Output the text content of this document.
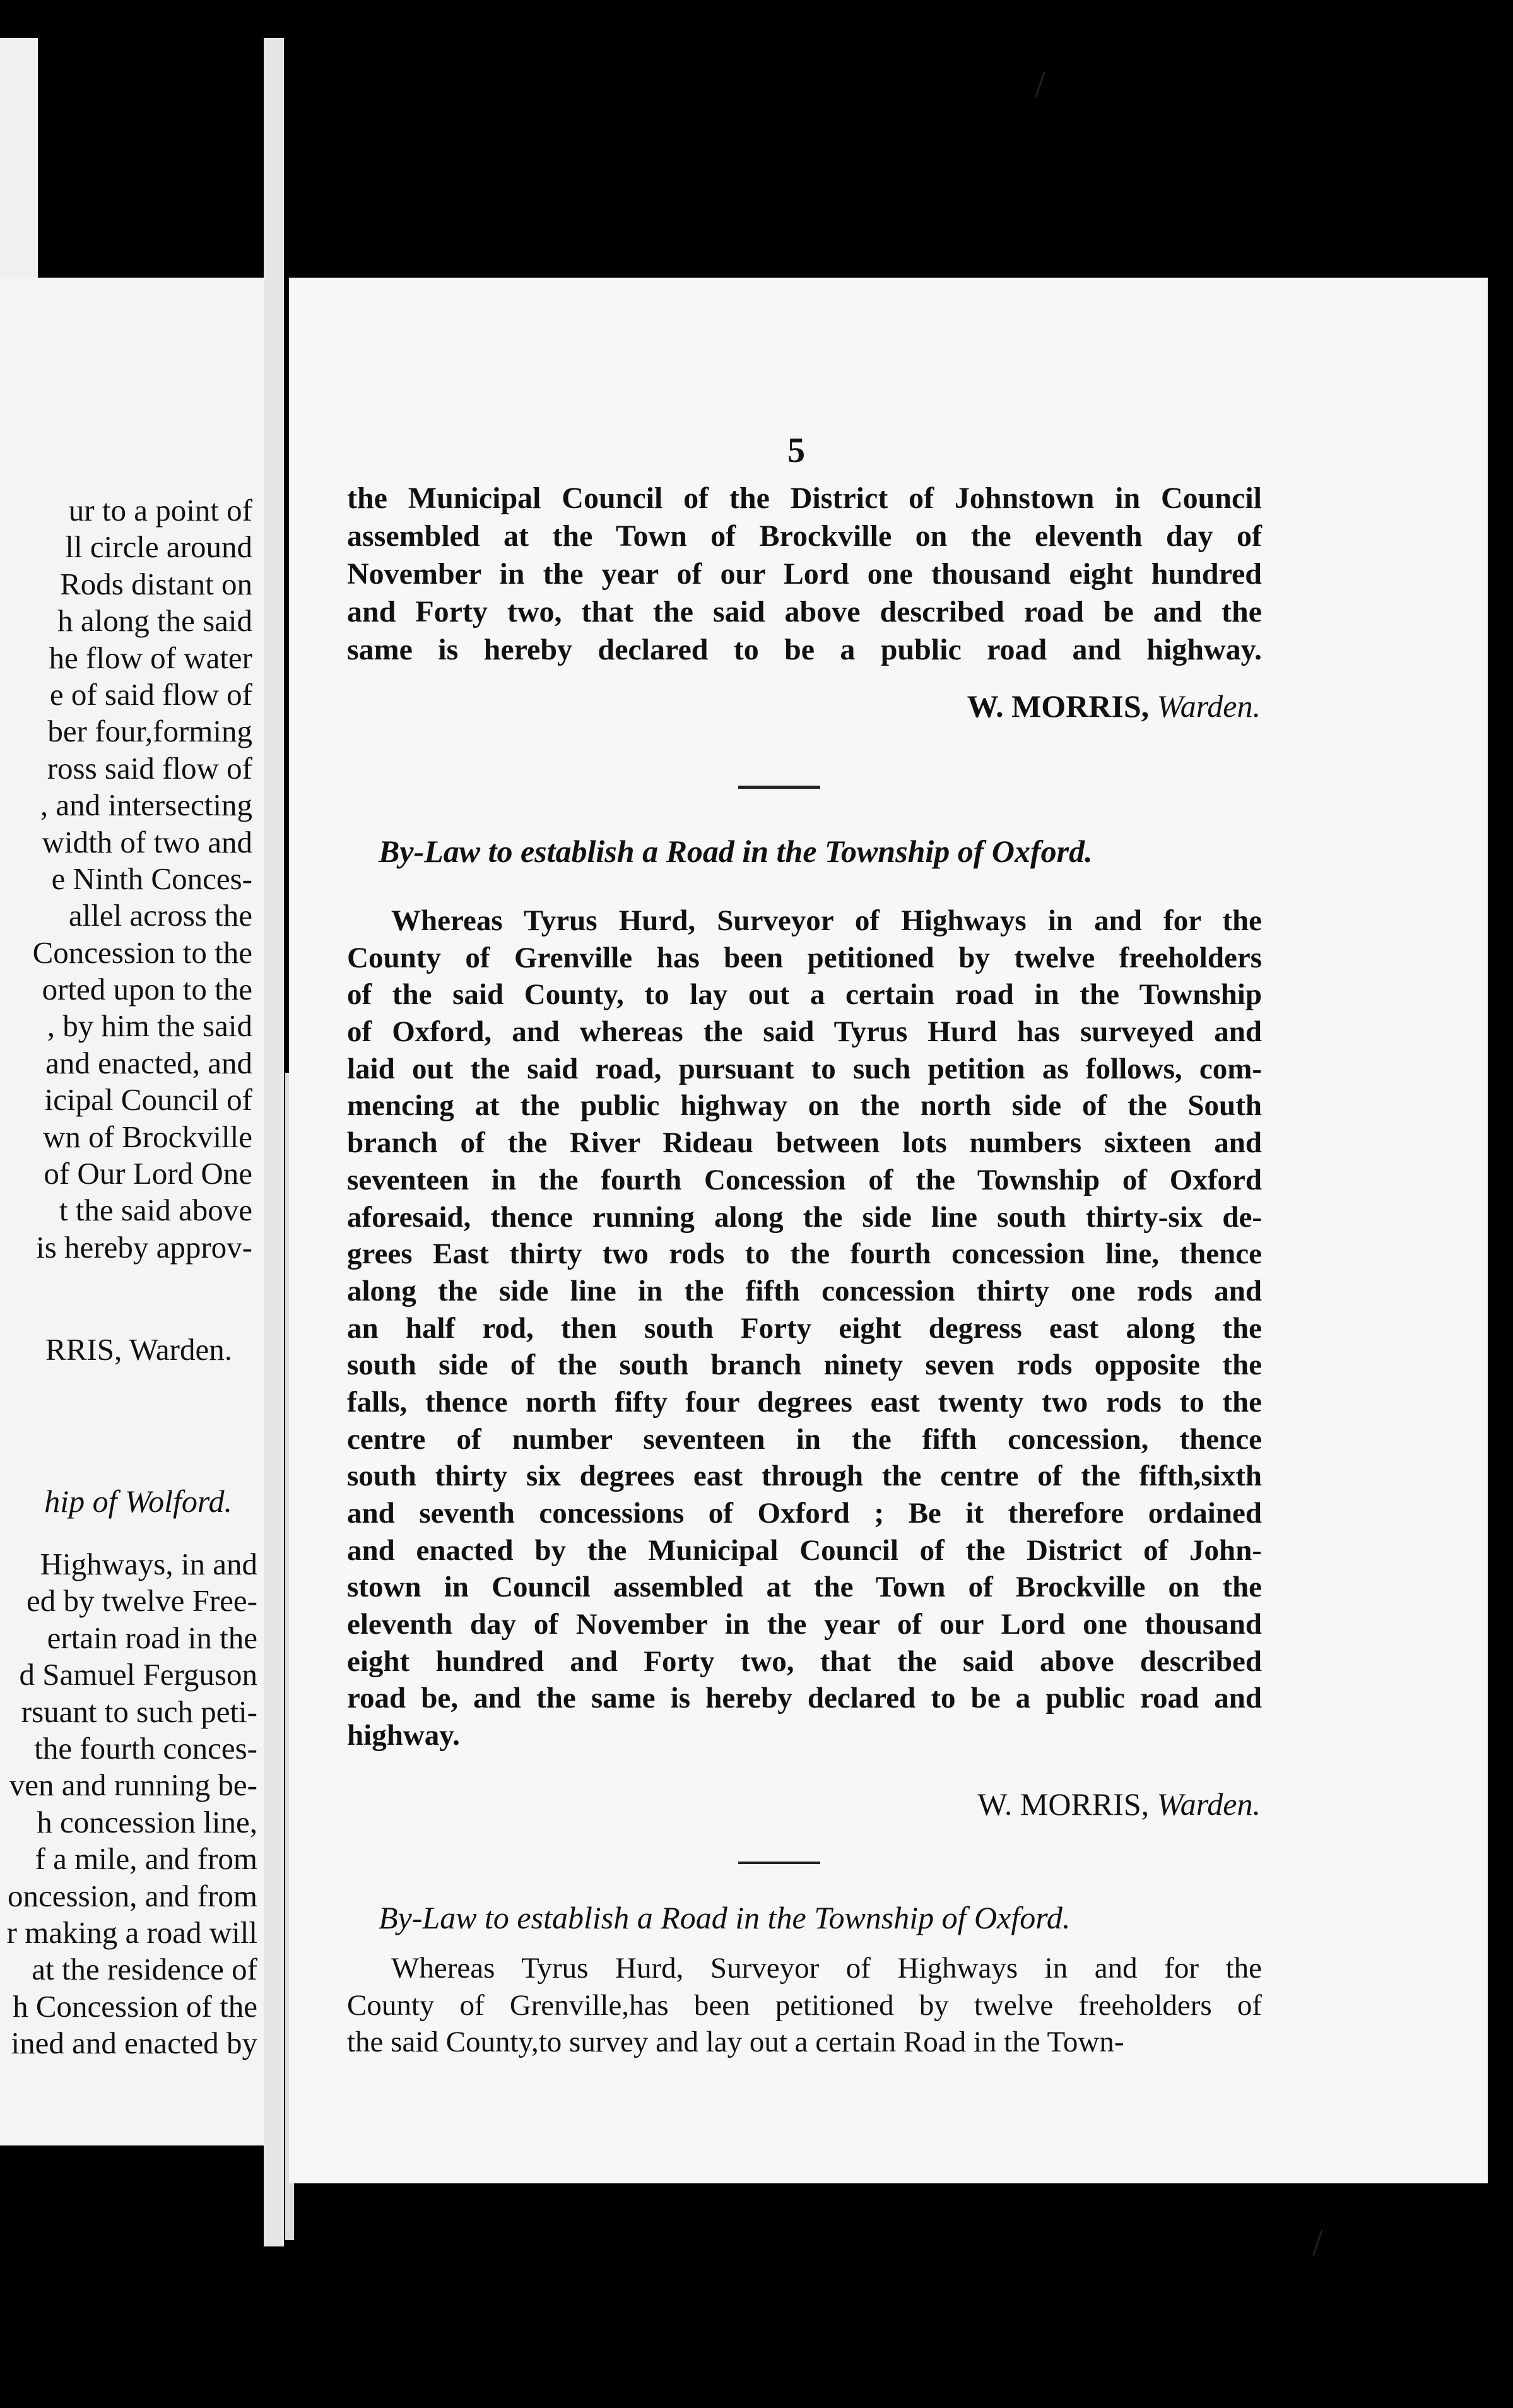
ur to a point of
ll circle around
Rods distant on
h along the said
he flow of water
e of said flow of
ber four,forming
ross said flow of
, and intersecting
width of two and
e Ninth Conces-
allel across the
Concession to the
orted upon to the
, by him the said
and enacted, and
icipal Council of
wn of Brockville
of Our Lord One
t the said above
is hereby approv-
RRIS, Warden.
hip of Wolford.
Highways, in and
ed by twelve Free-
ertain road in the
d Samuel Ferguson
rsuant to such peti-
the fourth conces-
ven and running be-
h concession line,
f a mile, and from
oncession, and from
r making a road will
at the residence of
h Concession of the
ined and enacted by
/
/
5
the Municipal Council of the District of Johnstown in Council
assembled at the Town of Brockville on the eleventh day of
November in the year of our Lord one thousand eight hundred
and Forty two, that the said above described road be and the
same is hereby declared to be a public road and highway.
W. MORRIS, Warden.
By-Law to establish a Road in the Township of Oxford.
Whereas Tyrus Hurd, Surveyor of Highways in and for the
County of Grenville has been petitioned by twelve freeholders
of the said County, to lay out a certain road in the Township
of Oxford, and whereas the said Tyrus Hurd has surveyed and
laid out the said road, pursuant to such petition as follows, com-
mencing at the public highway on the north side of the South
branch of the River Rideau between lots numbers sixteen and
seventeen in the fourth Concession of the Township of Oxford
aforesaid, thence running along the side line south thirty-six de-
grees East thirty two rods to the fourth concession line, thence
along the side line in the fifth concession thirty one rods and
an half rod, then south Forty eight degress east along the
south side of the south branch ninety seven rods opposite the
falls, thence north fifty four degrees east twenty two rods to the
centre of number seventeen in the fifth concession, thence
south thirty six degrees east through the centre of the fifth,sixth
and seventh concessions of Oxford ; Be it therefore ordained
and enacted by the Municipal Council of the District of John-
stown in Council assembled at the Town of Brockville on the
eleventh day of November in the year of our Lord one thousand
eight hundred and Forty two, that the said above described
road be, and the same is hereby declared to be a public road and
highway.
W. MORRIS, Warden.
By-Law to establish a Road in the Township of Oxford.
Whereas Tyrus Hurd, Surveyor of Highways in and for the
County of Grenville,has been petitioned by twelve freeholders of
the said County,to survey and lay out a certain Road in the Town-
